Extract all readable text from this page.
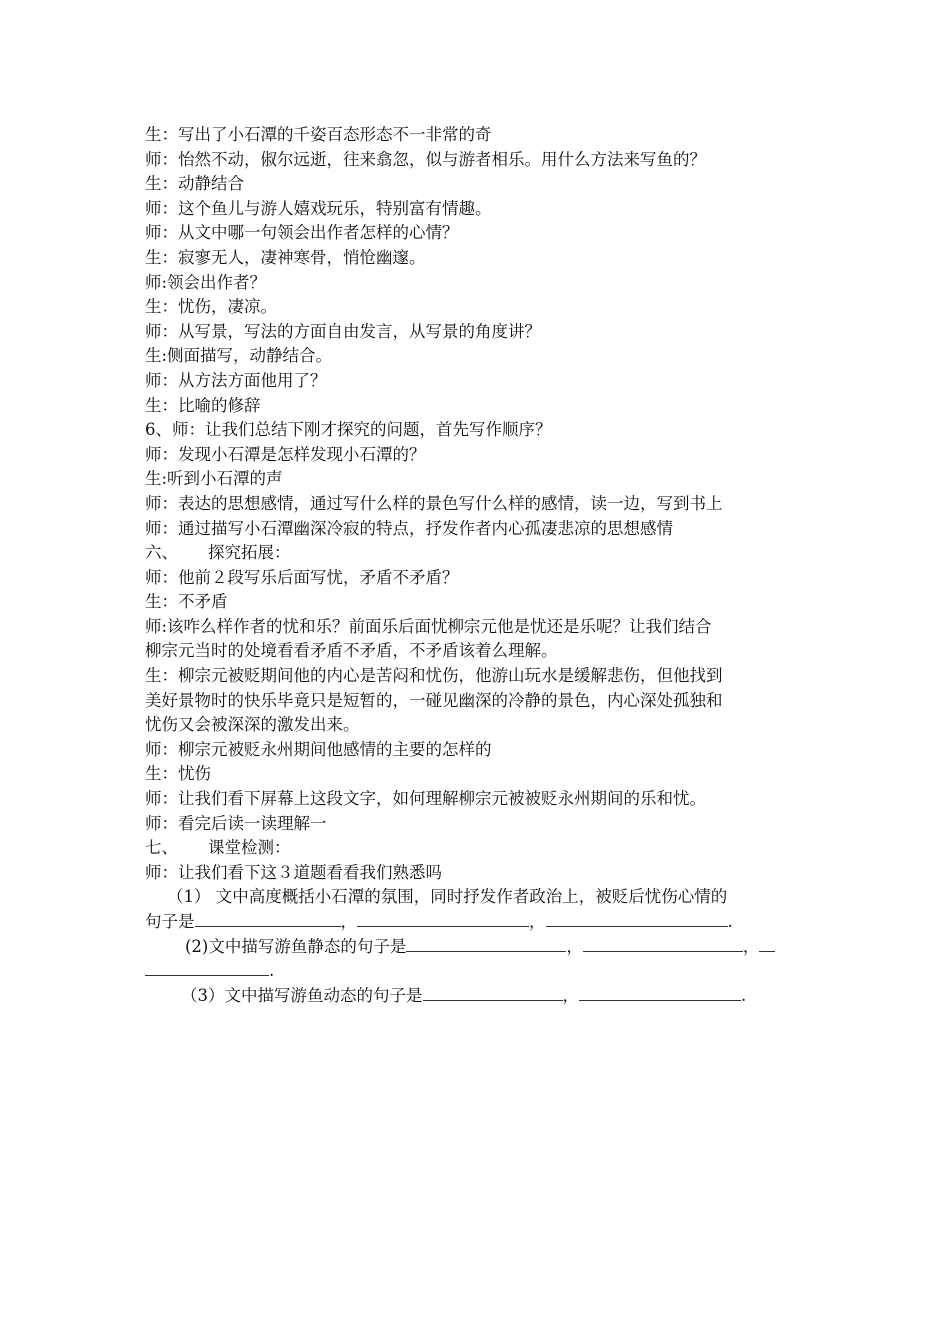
生：写出了小石潭的千姿百态形态不一非常的奇
师：怡然不动，俶尔远逝，往来翕忽，似与游者相乐。用什么方法来写鱼的？
生：动静结合
师：这个鱼儿与游人嬉戏玩乐，特别富有情趣。
师：从文中哪一句领会出作者怎样的心情？
生：寂寥无人，凄神寒骨，悄怆幽邃。
师:领会出作者？
生：忧伤，凄凉。
师：从写景，写法的方面自由发言，从写景的角度讲？
生:侧面描写，动静结合。
师：从方法方面他用了？
生：比喻的修辞
6、师：让我们总结下刚才探究的问题，首先写作顺序？
师：发现小石潭是怎样发现小石潭的？
生:听到小石潭的声
师：表达的思想感情，通过写什么样的景色写什么样的感情，读一边，写到书上
师：通过描写小石潭幽深冷寂的特点，抒发作者内心孤凄悲凉的思想感情
六、 探究拓展：
师：他前２段写乐后面写忧，矛盾不矛盾？
生：不矛盾
师:该咋么样作者的忧和乐？前面乐后面忧柳宗元他是忧还是乐呢？让我们结合
柳宗元当时的处境看看矛盾不矛盾，不矛盾该着么理解。
生：柳宗元被贬期间他的内心是苦闷和忧伤，他游山玩水是缓解悲伤，但他找到
美好景物时的快乐毕竟只是短暂的，一碰见幽深的冷静的景色，内心深处孤独和
忧伤又会被深深的激发出来。
师：柳宗元被贬永州期间他感情的主要的怎样的
生：忧伤
师：让我们看下屏幕上这段文字，如何理解柳宗元被被贬永州期间的乐和忧。
师：看完后读一读理解一
七、 课堂检测：
师：让我们看下这３道题看看我们熟悉吗
（1） 文中高度概括小石潭的氛围，同时抒发作者政治上，被贬后忧伤心情的
句子是	，	，	.
(2)文中描写游鱼静态的句子是	，	，
.
（3）文中描写游鱼动态的句子是	，	.
